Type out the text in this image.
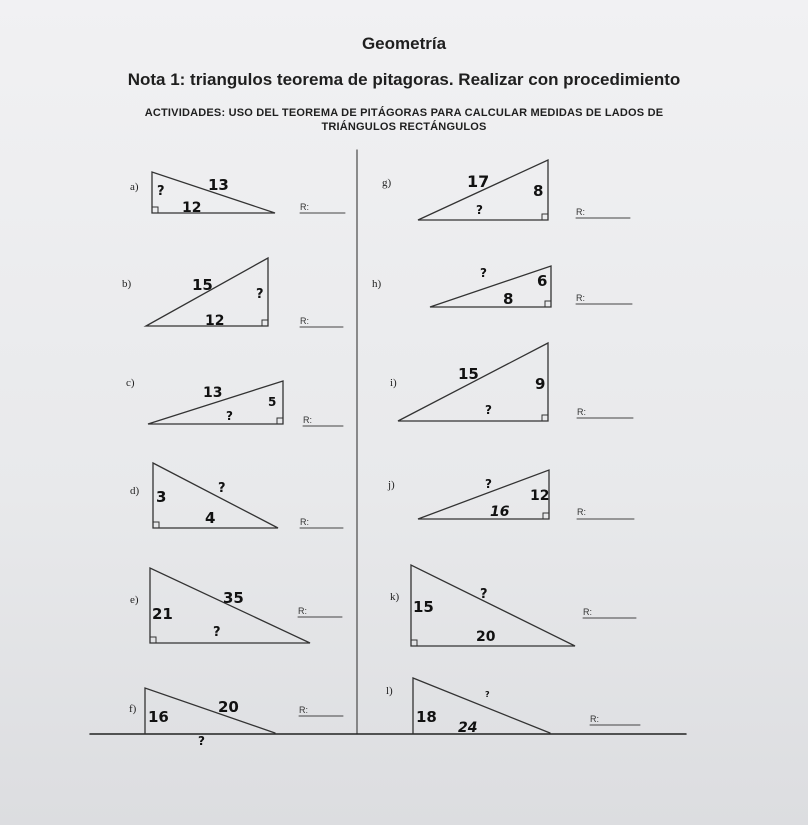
Geometría
Nota 1: triangulos teorema de pitagoras. Realizar con procedimiento
ACTIVIDADES: USO DEL TEOREMA DE PITÁGORAS PARA CALCULAR MEDIDAS DE LADOS DE
TRIÁNGULOS RECTÁNGULOS
a)	13
?
12	R:
b)	15
?
12	R:
c)
13
5
?	R:
d)	?
3
4	R:
e)	35
21
?
R:
f)	20
16
?
R:
g)	17	8
?	R:
h)
?	6
8	R:
i)	15
9
?	R:
j)	?
12
16	R:
k)	?
15
20
R:
l)	?
18
24
R:
